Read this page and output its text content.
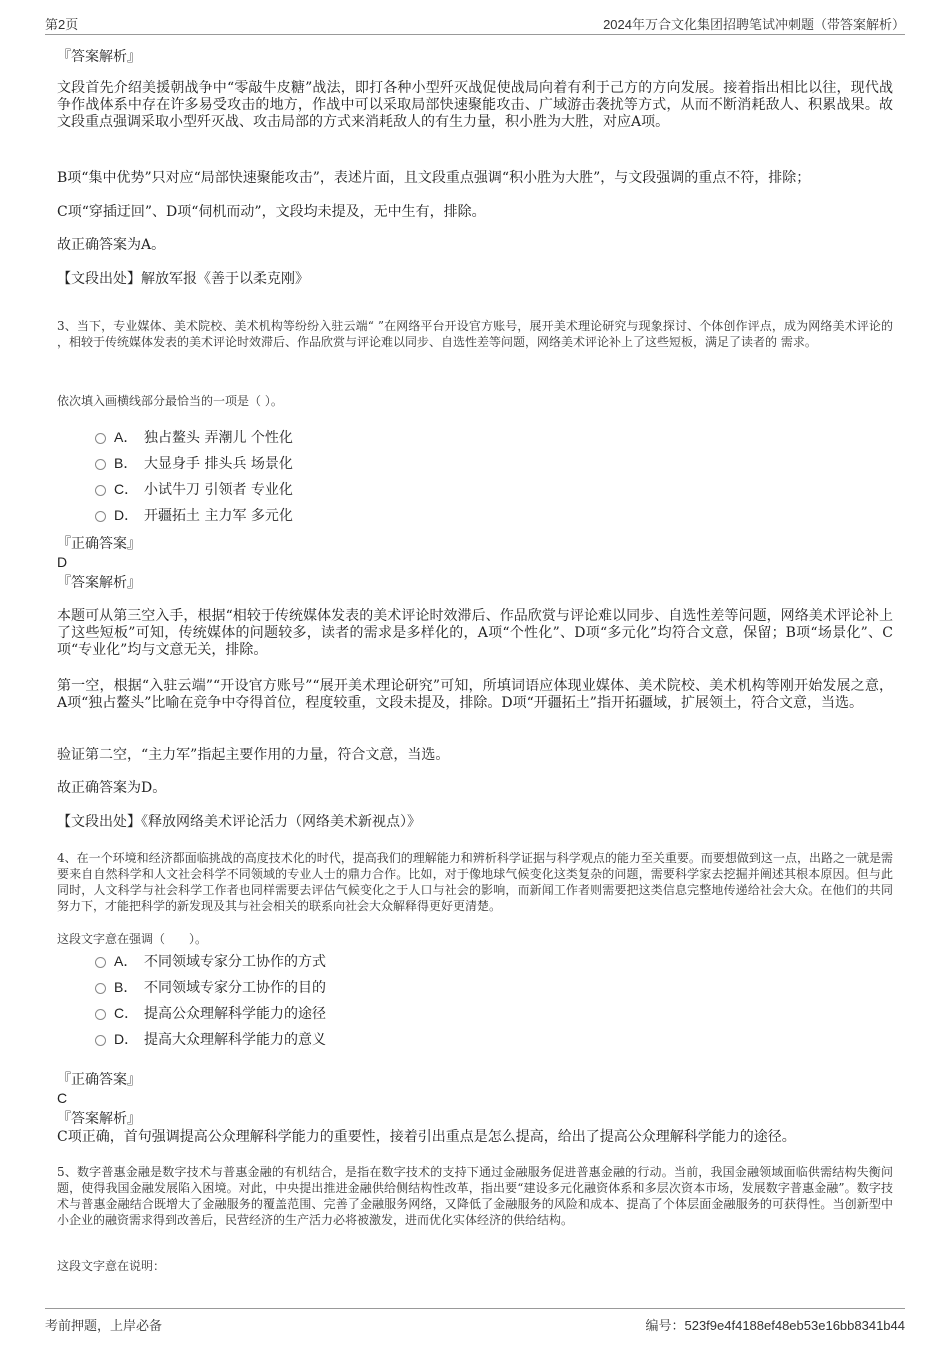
第2页	2024年万合文化集团招聘笔试冲刺题（带答案解析）
『答案解析』
文段首先介绍美援朝战争中“零敲牛皮糖”战法，即打各种小型歼灭战促使战局向着有利于己方的方向发展。接着指出相比以往，现代战争作战体系中存在许多易受攻击的地方，作战中可以采取局部快速聚能攻击、广域游击袭扰等方式，从而不断消耗敌人、积累战果。故文段重点强调采取小型歼灭战、攻击局部的方式来消耗敌人的有生力量，积小胜为大胜，对应A项。
B项“集中优势”只对应“局部快速聚能攻击”，表述片面，且文段重点强调“积小胜为大胜”，与文段强调的重点不符，排除；
C项“穿插迂回”、D项“伺机而动”，文段均未提及，无中生有，排除。
故正确答案为A。
【文段出处】解放军报《善于以柔克刚》
3、当下，专业媒体、美术院校、美术机构等纷纷入驻云端“ ”在网络平台开设官方账号，展开美术理论研究与现象探讨、个体创作评点，成为网络美术评论的 ，相较于传统媒体发表的美术评论时效滞后、作品欣赏与评论难以同步、自选性差等问题，网络美术评论补上了这些短板，满足了读者的 需求。
依次填入画横线部分最恰当的一项是（ ）。
A． 独占鳌头 弄潮儿 个性化
B． 大显身手 排头兵 场景化
C． 小试牛刀 引领者 专业化
D． 开疆拓土 主力军 多元化
『正确答案』
D
『答案解析』
本题可从第三空入手，根据“相较于传统媒体发表的美术评论时效滞后、作品欣赏与评论难以同步、自选性差等问题，网络美术评论补上了这些短板”可知，传统媒体的问题较多，读者的需求是多样化的，A项“个性化”、D项“多元化”均符合文意，保留；B项“场景化”、C项“专业化”均与文意无关，排除。
第一空，根据“入驻云端”“开设官方账号”“展开美术理论研究”可知，所填词语应体现业媒体、美术院校、美术机构等刚开始发展之意，A项“独占鳌头”比喻在竞争中夺得首位，程度较重，文段未提及，排除。D项“开疆拓土”指开拓疆域，扩展领土，符合文意，当选。
验证第二空，“主力军”指起主要作用的力量，符合文意，当选。
故正确答案为D。
【文段出处】《释放网络美术评论活力（网络美术新视点）》
4、在一个环境和经济都面临挑战的高度技术化的时代，提高我们的理解能力和辨析科学证据与科学观点的能力至关重要。而要想做到这一点，出路之一就是需要来自自然科学和人文社会科学不同领域的专业人士的鼎力合作。比如，对于像地球气候变化这类复杂的问题，需要科学家去挖掘并阐述其根本原因。但与此同时，人文科学与社会科学工作者也同样需要去评估气候变化之于人口与社会的影响，而新闻工作者则需要把这类信息完整地传递给社会大众。在他们的共同努力下，才能把科学的新发现及其与社会相关的联系向社会大众解释得更好更清楚。
这段文字意在强调（　　）。
A． 不同领域专家分工协作的方式
B． 不同领域专家分工协作的目的
C． 提高公众理解科学能力的途径
D． 提高大众理解科学能力的意义
『正确答案』
C
『答案解析』
C项正确，首句强调提高公众理解科学能力的重要性，接着引出重点是怎么提高，给出了提高公众理解科学能力的途径。
5、数字普惠金融是数字技术与普惠金融的有机结合，是指在数字技术的支持下通过金融服务促进普惠金融的行动。当前，我国金融领域面临供需结构失衡问题，使得我国金融发展陷入困境。对此，中央提出推进金融供给侧结构性改革，指出要“建设多元化融资体系和多层次资本市场，发展数字普惠金融”。数字技术与普惠金融结合既增大了金融服务的覆盖范围、完善了金融服务网络，又降低了金融服务的风险和成本、提高了个体层面金融服务的可获得性。当创新型中小企业的融资需求得到改善后，民营经济的生产活力必将被激发，进而优化实体经济的供给结构。
这段文字意在说明：
考前押题，上岸必备	编号：523f9e4f4188ef48eb53e16bb8341b44
